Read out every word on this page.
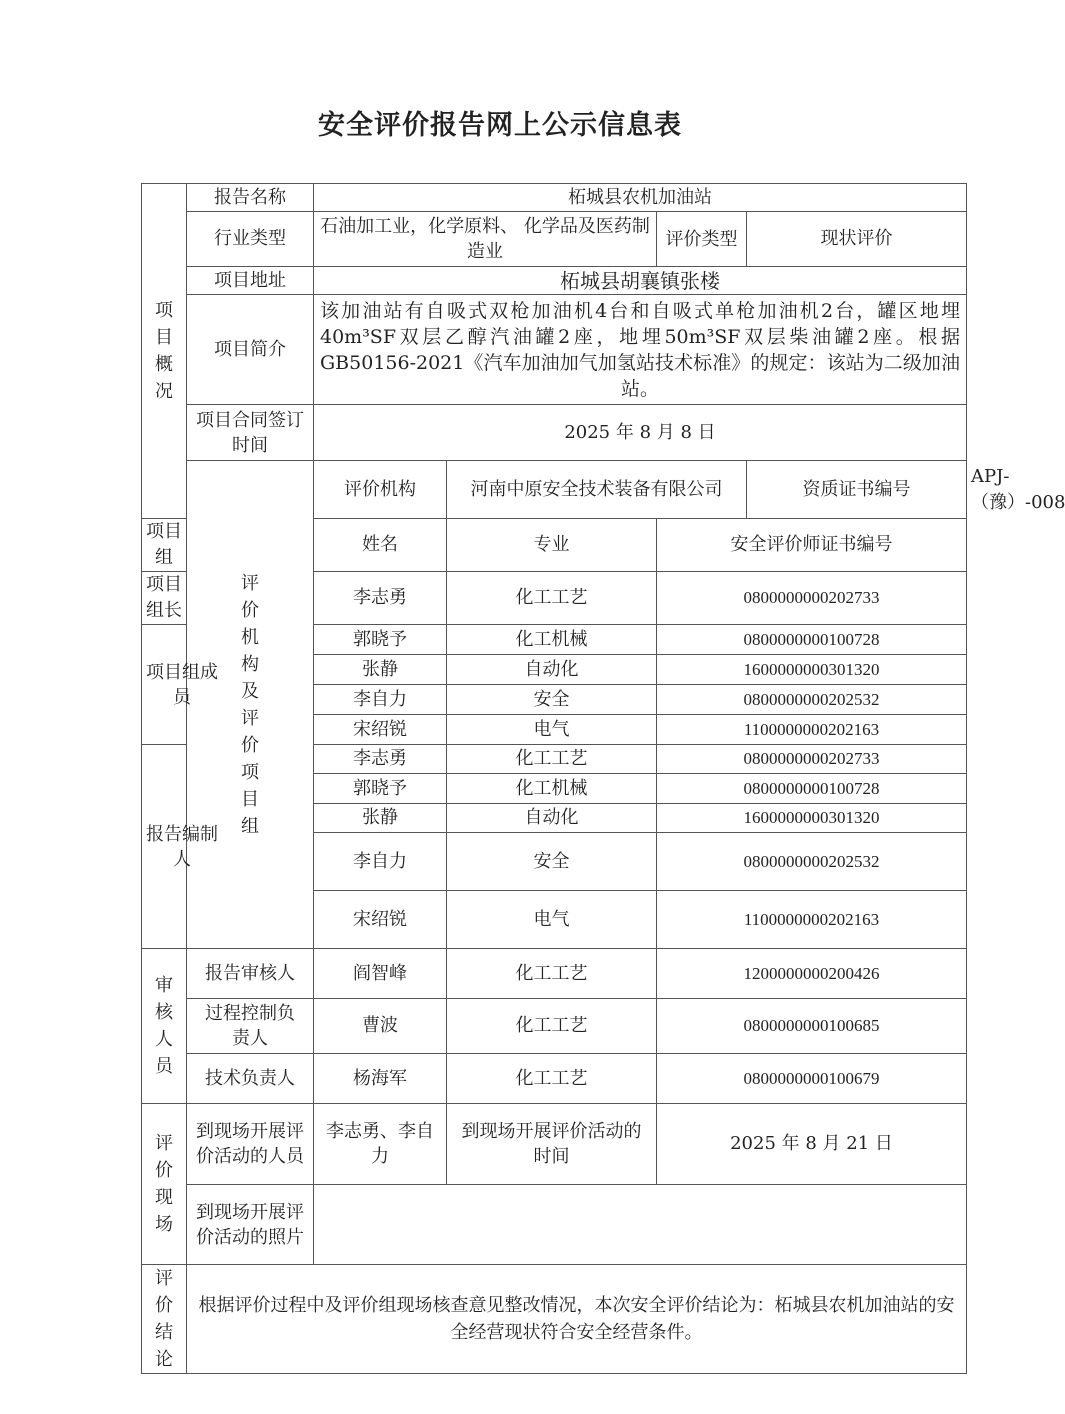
安全评价报告网上公示信息表
项目概况	报告名称	柘城县农机加油站				
	行业类型	石油加工业，化学原料、 化学品及医药制造业		评价类型	现状评价	
	项目地址	柘城县胡襄镇张楼				
	项目简介	该加油站有自吸式双枪加油机4台和自吸式单枪加油机2台，罐区地埋40m³SF双层乙醇汽油罐2座，地埋50m³SF双层柴油罐2座。根据GB50156-2021《汽车加油加气加氢站技术标准》的规定：该站为二级加油站。				
	项目合同签订时间	2025 年 8 月 8 日				

	评价机构及评价项目组	评价机构	河南中原安全技术装备有限公司		资质证书编号	APJ-（豫）-008
项目组		姓名	专业	安全评价师证书编号		
项目组长		李志勇	化工工艺	0800000000202733		

项目组成员		郭晓予	化工机械	0800000000100728		
		张静	自动化	1600000000301320		
		李自力	安全	0800000000202532		
		宋绍锐	电气	1100000000202163		

报告编制人		李志勇	化工工艺	0800000000202733		
		郭晓予	化工机械	0800000000100728		
		张静	自动化	1600000000301320		
		李自力	安全	0800000000202532		
		宋绍锐	电气	1100000000202163		

审核人员	报告审核人	阎智峰	化工工艺	1200000000200426		

	过程控制负责人	曹波	化工工艺	0800000000100685		
	技术负责人	杨海军	化工工艺	0800000000100679		

评价现场	到现场开展评价活动的人员	李志勇、李自力	到现场开展评价活动的时间	2025 年 8 月 21 日		

	到现场开展评价活动的照片					

评价结论	根据评价过程中及评价组现场核查意见整改情况，本次安全评价结论为：柘城县农机加油站的安全经营现状符合安全经营条件。					
